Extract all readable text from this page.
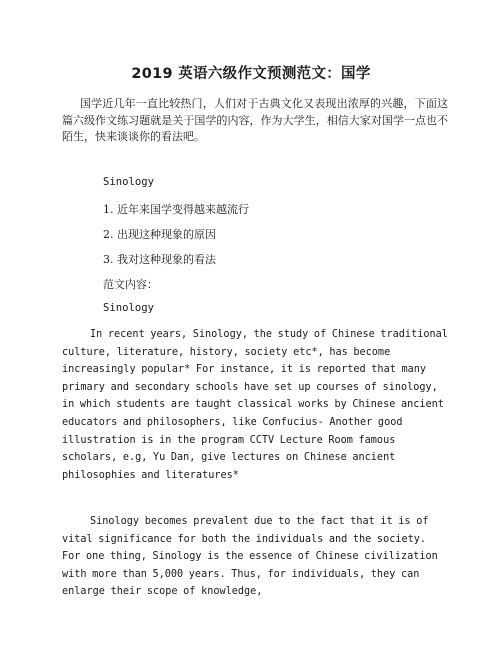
2019 英语六级作文预测范文：国学

国学近几年一直比较热门，人们对于古典文化又表现出浓厚的兴趣，下面这篇六级作文练习题就是关于国学的内容，作为大学生，相信大家对国学一点也不陌生，快来谈谈你的看法吧。

Sinology
1. 近年来国学变得越来越流行
2. 出现这种现象的原因
3. 我对这种现象的看法
范文内容：
Sinology

In recent years, Sinology, the study of Chinese traditional culture, literature, history, society etc*, has become increasingly popular* For instance, it is reported that many primary and secondary schools have set up courses of sinology, in which students are taught classical works by Chinese ancient educators and philosophers, like Confucius- Another good illustration is in the program CCTV Lecture Room famous scholars, e.g, Yu Dan, give lectures on Chinese ancient philosophies and literatures*

Sinology becomes prevalent due to the fact that it is of vital significance for both the individuals and the society. For one thing, Sinology is the essence of Chinese civilization with more than 5,000 years. Thus, for individuals, they can enlarge their scope of knowledge,
